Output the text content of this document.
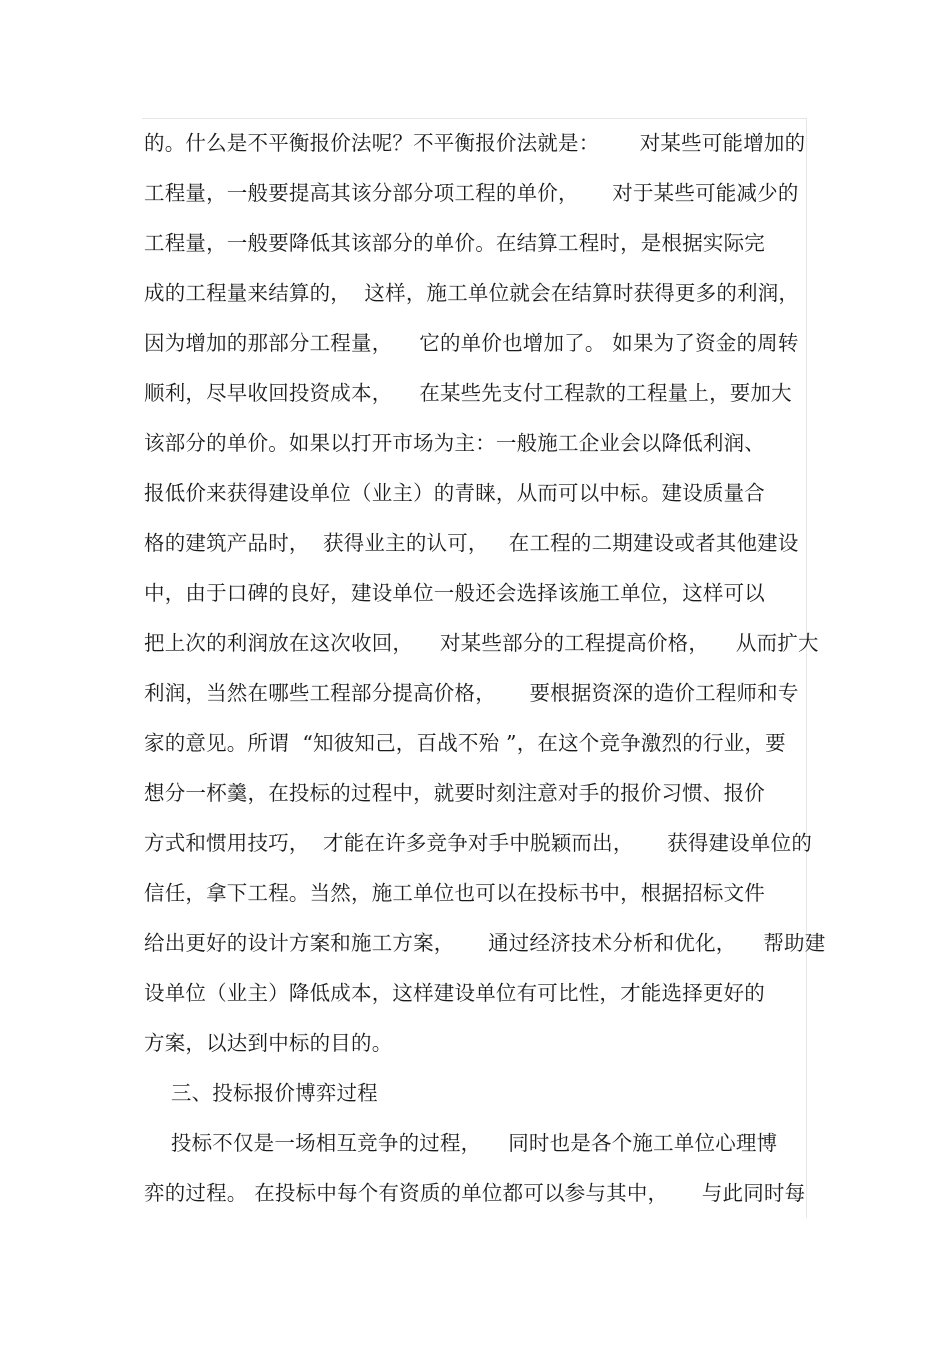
的。什么是不平衡报价法呢？不平衡报价法就是：      对某些可能增加的
工程量，一般要提高其该分部分项工程的单价，     对于某些可能减少的
工程量，一般要降低其该部分的单价。在结算工程时，是根据实际完
成的工程量来结算的，  这样，施工单位就会在结算时获得更多的利润，
因为增加的那部分工程量，    它的单价也增加了。 如果为了资金的周转
顺利，尽早收回投资成本，    在某些先支付工程款的工程量上，要加大
该部分的单价。如果以打开市场为主：一般施工企业会以降低利润、
报低价来获得建设单位（业主）的青睐，从而可以中标。建设质量合
格的建筑产品时，  获得业主的认可，   在工程的二期建设或者其他建设
中，由于口碑的良好，建设单位一般还会选择该施工单位，这样可以
把上次的利润放在这次收回，    对某些部分的工程提高价格，    从而扩大
利润，当然在哪些工程部分提高价格，     要根据资深的造价工程师和专
家的意见。所谓  “知彼知己，百战不殆 ”，在这个竞争激烈的行业，要
想分一杯羹，在投标的过程中，就要时刻注意对手的报价习惯、报价
方式和惯用技巧，  才能在许多竞争对手中脱颖而出，     获得建设单位的
信任，拿下工程。当然，施工单位也可以在投标书中，根据招标文件
给出更好的设计方案和施工方案，     通过经济技术分析和优化，    帮助建
设单位（业主）降低成本，这样建设单位有可比性，才能选择更好的
方案，以达到中标的目的。
三、投标报价博弈过程
投标不仅是一场相互竞争的过程，    同时也是各个施工单位心理博
弈的过程。 在投标中每个有资质的单位都可以参与其中，     与此同时每
